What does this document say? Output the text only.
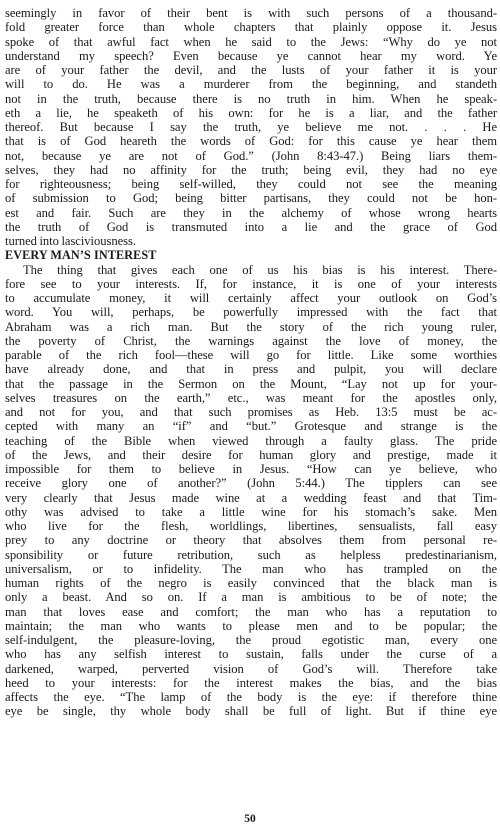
seemingly in favor of their bent is with such persons of a thousand-
fold greater force than whole chapters that plainly oppose it. Jesus
spoke of that awful fact when he said to the Jews: “Why do ye not
understand my speech? Even because ye cannot hear my word. Ye
are of your father the devil, and the lusts of your father it is your
will to do. He was a murderer from the beginning, and standeth
not in the truth, because there is no truth in him. When he speak-
eth a lie, he speaketh of his own: for he is a liar, and the father
thereof. But because I say the truth, ye believe me not. . . . He
that is of God heareth the words of God: for this cause ye hear them
not, because ye are not of God.” (John 8:43-47.) Being liars them-
selves, they had no affinity for the truth; being evil, they had no eye
for righteousness; being self-willed, they could not see the meaning
of submission to God; being bitter partisans, they could not be hon-
est and fair. Such are they in the alchemy of whose wrong hearts
the truth of God is transmuted into a lie and the grace of God
turned into lasciviousness.
EVERY MAN’S INTEREST
The thing that gives each one of us his bias is his interest. There-
fore see to your interests. If, for instance, it is one of your interests
to accumulate money, it will certainly affect your outlook on God’s
word. You will, perhaps, be powerfully impressed with the fact that
Abraham was a rich man. But the story of the rich young ruler,
the poverty of Christ, the warnings against the love of money, the
parable of the rich fool—these will go for little. Like some worthies
have already done, and that in press and pulpit, you will declare
that the passage in the Sermon on the Mount, “Lay not up for your-
selves treasures on the earth,” etc., was meant for the apostles only,
and not for you, and that such promises as Heb. 13:5 must be ac-
cepted with many an “if” and “but.” Grotesque and strange is the
teaching of the Bible when viewed through a faulty glass. The pride
of the Jews, and their desire for human glory and prestige, made it
impossible for them to believe in Jesus. “How can ye believe, who
receive glory one of another?” (John 5:44.) The tipplers can see
very clearly that Jesus made wine at a wedding feast and that Tim-
othy was advised to take a little wine for his stomach’s sake. Men
who live for the flesh, worldlings, libertines, sensualists, fall easy
prey to any doctrine or theory that absolves them from personal re-
sponsibility or future retribution, such as helpless predestinarianism,
universalism, or to infidelity. The man who has trampled on the
human rights of the negro is easily convinced that the black man is
only a beast. And so on. If a man is ambitious to be of note; the
man that loves ease and comfort; the man who has a reputation to
maintain; the man who wants to please men and to be popular; the
self-indulgent, the pleasure-loving, the proud egotistic man, every one
who has any selfish interest to sustain, falls under the curse of a
darkened, warped, perverted vision of God’s will. Therefore take
heed to your interests: for the interest makes the bias, and the bias
affects the eye. “The lamp of the body is the eye: if therefore thine
eye be single, thy whole body shall be full of light. But if thine eye
50
